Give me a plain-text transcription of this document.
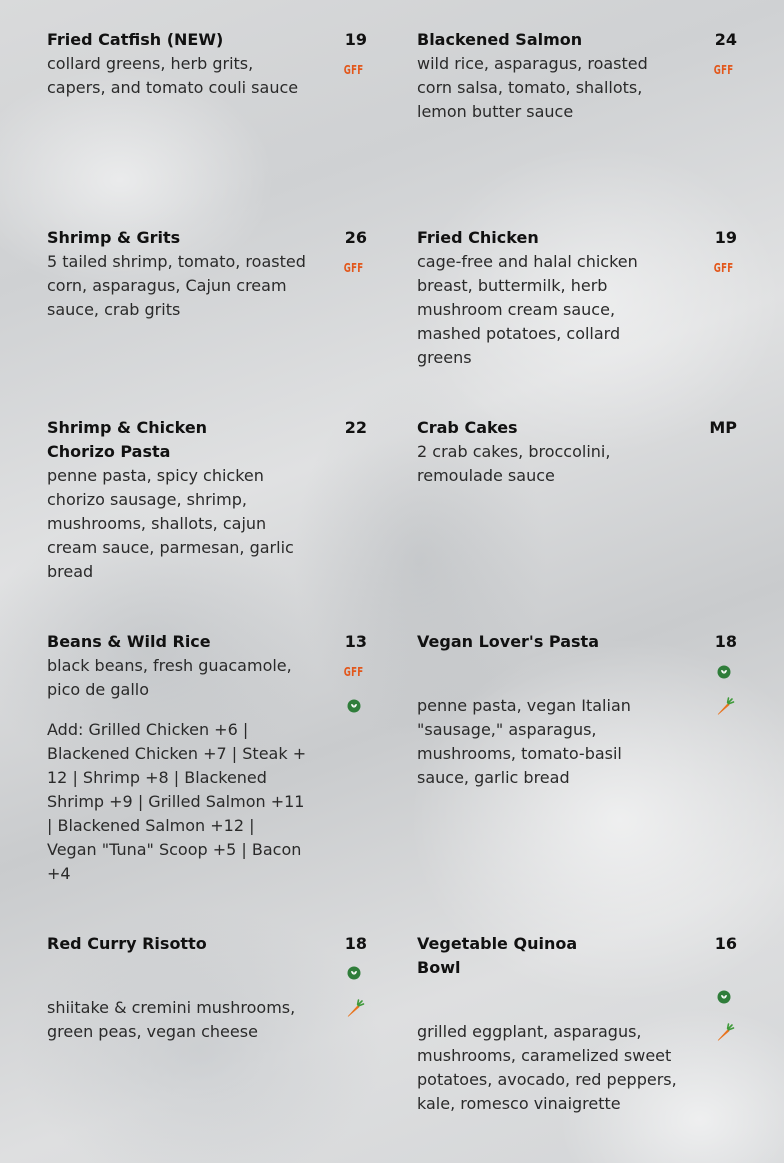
Fried Catfish (NEW)	19
collard greens, herb grits, capers, and tomato couli sauce
GFF
Blackened Salmon	24
wild rice, asparagus, roasted corn salsa, tomato, shallots, lemon butter sauce
GFF
Shrimp & Grits	26
5 tailed shrimp, tomato, roasted corn, asparagus, Cajun cream sauce, crab grits
GFF
Fried Chicken	19
cage-free and halal chicken breast, buttermilk, herb mushroom cream sauce, mashed potatoes, collard greens
GFF
Shrimp & Chicken Chorizo Pasta
22
penne pasta, spicy chicken chorizo sausage, shrimp, mushrooms, shallots, cajun cream sauce, parmesan, garlic bread
Crab Cakes	MP
2 crab cakes, broccolini, remoulade sauce
Beans & Wild Rice	13
black beans, fresh guacamole, pico de gallo
Add: Grilled Chicken +6 | Blackened Chicken +7 | Steak + 12 | Shrimp +8 | Blackened Shrimp +9 | Grilled Salmon +11 | Blackened Salmon +12 | Vegan "Tuna" Scoop +5 | Bacon +4
GFF
Vegan Lover's Pasta	18
penne pasta, vegan Italian "sausage," asparagus, mushrooms, tomato-basil sauce, garlic bread
Red Curry Risotto	18
shiitake & cremini mushrooms, green peas, vegan cheese
Vegetable Quinoa Bowl
16
grilled eggplant, asparagus, mushrooms, caramelized sweet potatoes, avocado, red peppers, kale, romesco vinaigrette
